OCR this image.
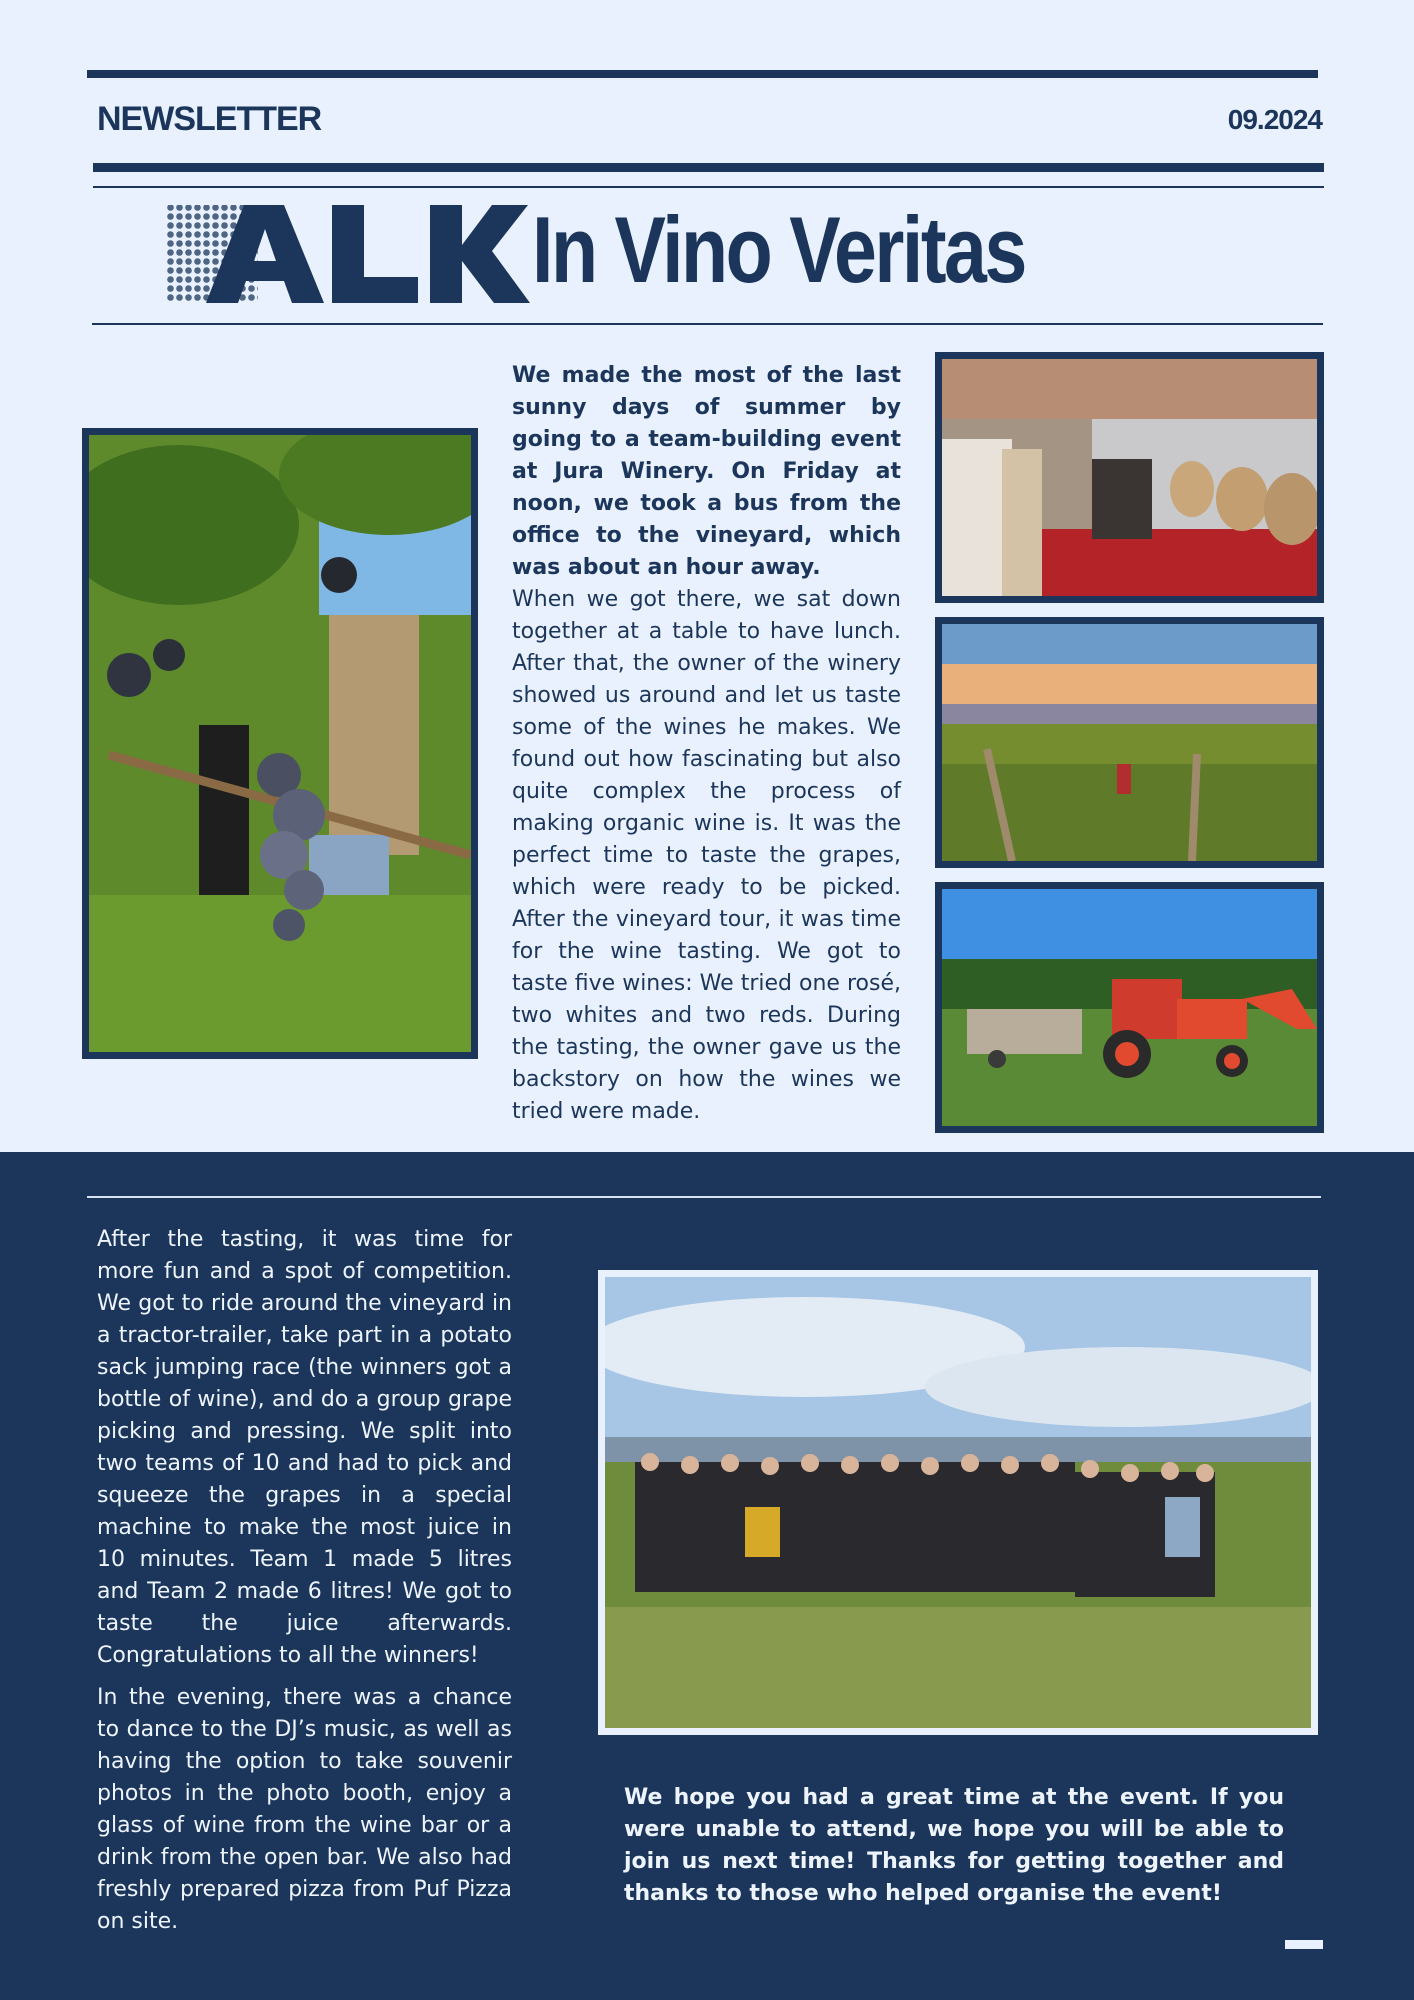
NEWSLETTER	09.2024
In Vino Veritas

We made the most of the last sunny days of summer by going to a team-building event at Jura Winery. On Friday at noon, we took a bus from the office to the vineyard, which was about an hour away.

When we got there, we sat down together at a table to have lunch. After that, the owner of the winery showed us around and let us taste some of the wines he makes. We found out how fascinating but also quite complex the process of making organic wine is. It was the perfect time to taste the grapes, which were ready to be picked. After the vineyard tour, it was time for the wine tasting. We got to taste five wines: We tried one rosé, two whites and two reds. During the tasting, the owner gave us the backstory on how the wines we tried were made.

After the tasting, it was time for more fun and a spot of competition. We got to ride around the vineyard in a tractor-trailer, take part in a potato sack jumping race (the winners got a bottle of wine), and do a group grape picking and pressing. We split into two teams of 10 and had to pick and squeeze the grapes in a special machine to make the most juice in 10 minutes. Team 1 made 5 litres and Team 2 made 6 litres! We got to taste the juice afterwards. Congratulations to all the winners!

In the evening, there was a chance to dance to the DJ’s music, as well as having the option to take souvenir photos in the photo booth, enjoy a glass of wine from the wine bar or a drink from the open bar. We also had freshly prepared pizza from Puf Pizza on site.

We hope you had a great time at the event. If you were unable to attend, we hope you will be able to join us next time! Thanks for getting together and thanks to those who helped organise the event!
